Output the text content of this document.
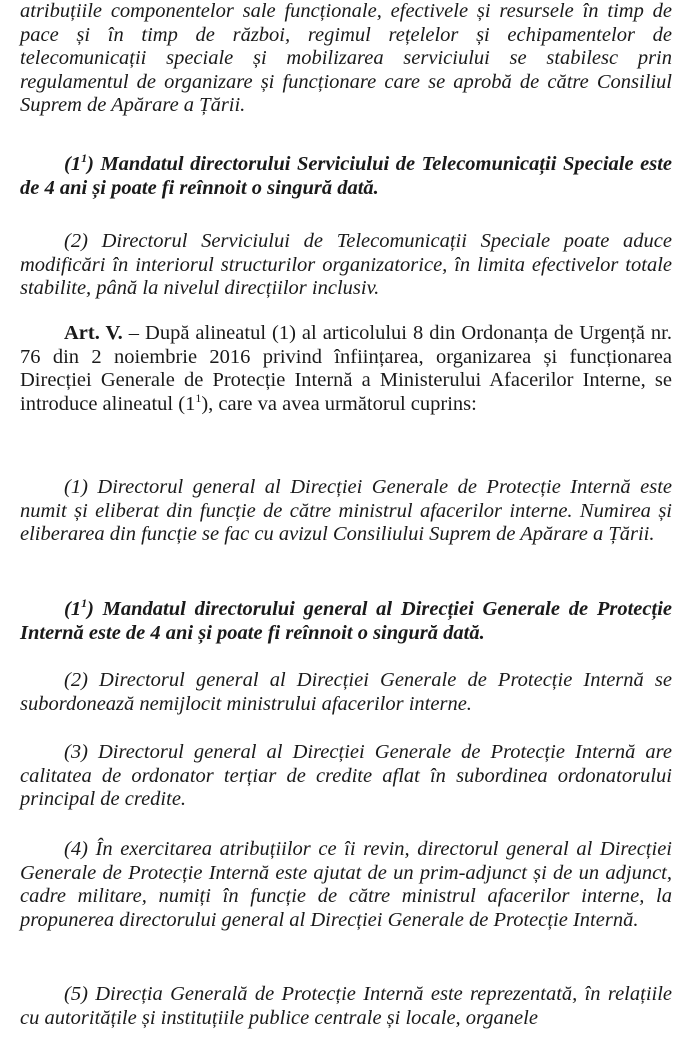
atribuțiile componentelor sale funcționale, efectivele și resursele în timp de pace și în timp de război, regimul rețelelor și echipamentelor de telecomunicații speciale și mobilizarea serviciului se stabilesc prin regulamentul de organizare și funcționare care se aprobă de către Consiliul Suprem de Apărare a Țării.

$(1^1)$ Mandatul directorului Serviciului de Telecomunicații Speciale este de 4 ani și poate fi reînnoit o singură dată.

(2) Directorul Serviciului de Telecomunicații Speciale poate aduce modificări în interiorul structurilor organizatorice, în limita efectivelor totale stabilite, până la nivelul direcțiilor inclusiv.

Art. V. – După alineatul (1) al articolului 8 din Ordonanța de Urgență nr. 76 din 2 noiembrie 2016 privind înființarea, organizarea și funcționarea Direcției Generale de Protecție Internă a Ministerului Afacerilor Interne, se introduce alineatul $(1^1)$, care va avea următorul cuprins:

(1) Directorul general al Direcției Generale de Protecție Internă este numit și eliberat din funcție de către ministrul afacerilor interne. Numirea și eliberarea din funcție se fac cu avizul Consiliului Suprem de Apărare a Țării.

$(1^1)$ Mandatul directorului general al Direcției Generale de Protecție Internă este de 4 ani și poate fi reînnoit o singură dată.

(2) Directorul general al Direcției Generale de Protecție Internă se subordonează nemijlocit ministrului afacerilor interne.

(3) Directorul general al Direcției Generale de Protecție Internă are calitatea de ordonator terțiar de credite aflat în subordinea ordonatorului principal de credite.

(4) În exercitarea atribuțiilor ce îi revin, directorul general al Direcției Generale de Protecție Internă este ajutat de un prim-adjunct și de un adjunct, cadre militare, numiți în funcție de către ministrul afacerilor interne, la propunerea directorului general al Direcției Generale de Protecție Internă.

(5) Direcția Generală de Protecție Internă este reprezentată, în relațiile cu autoritățile și instituțiile publice centrale și locale, organele
